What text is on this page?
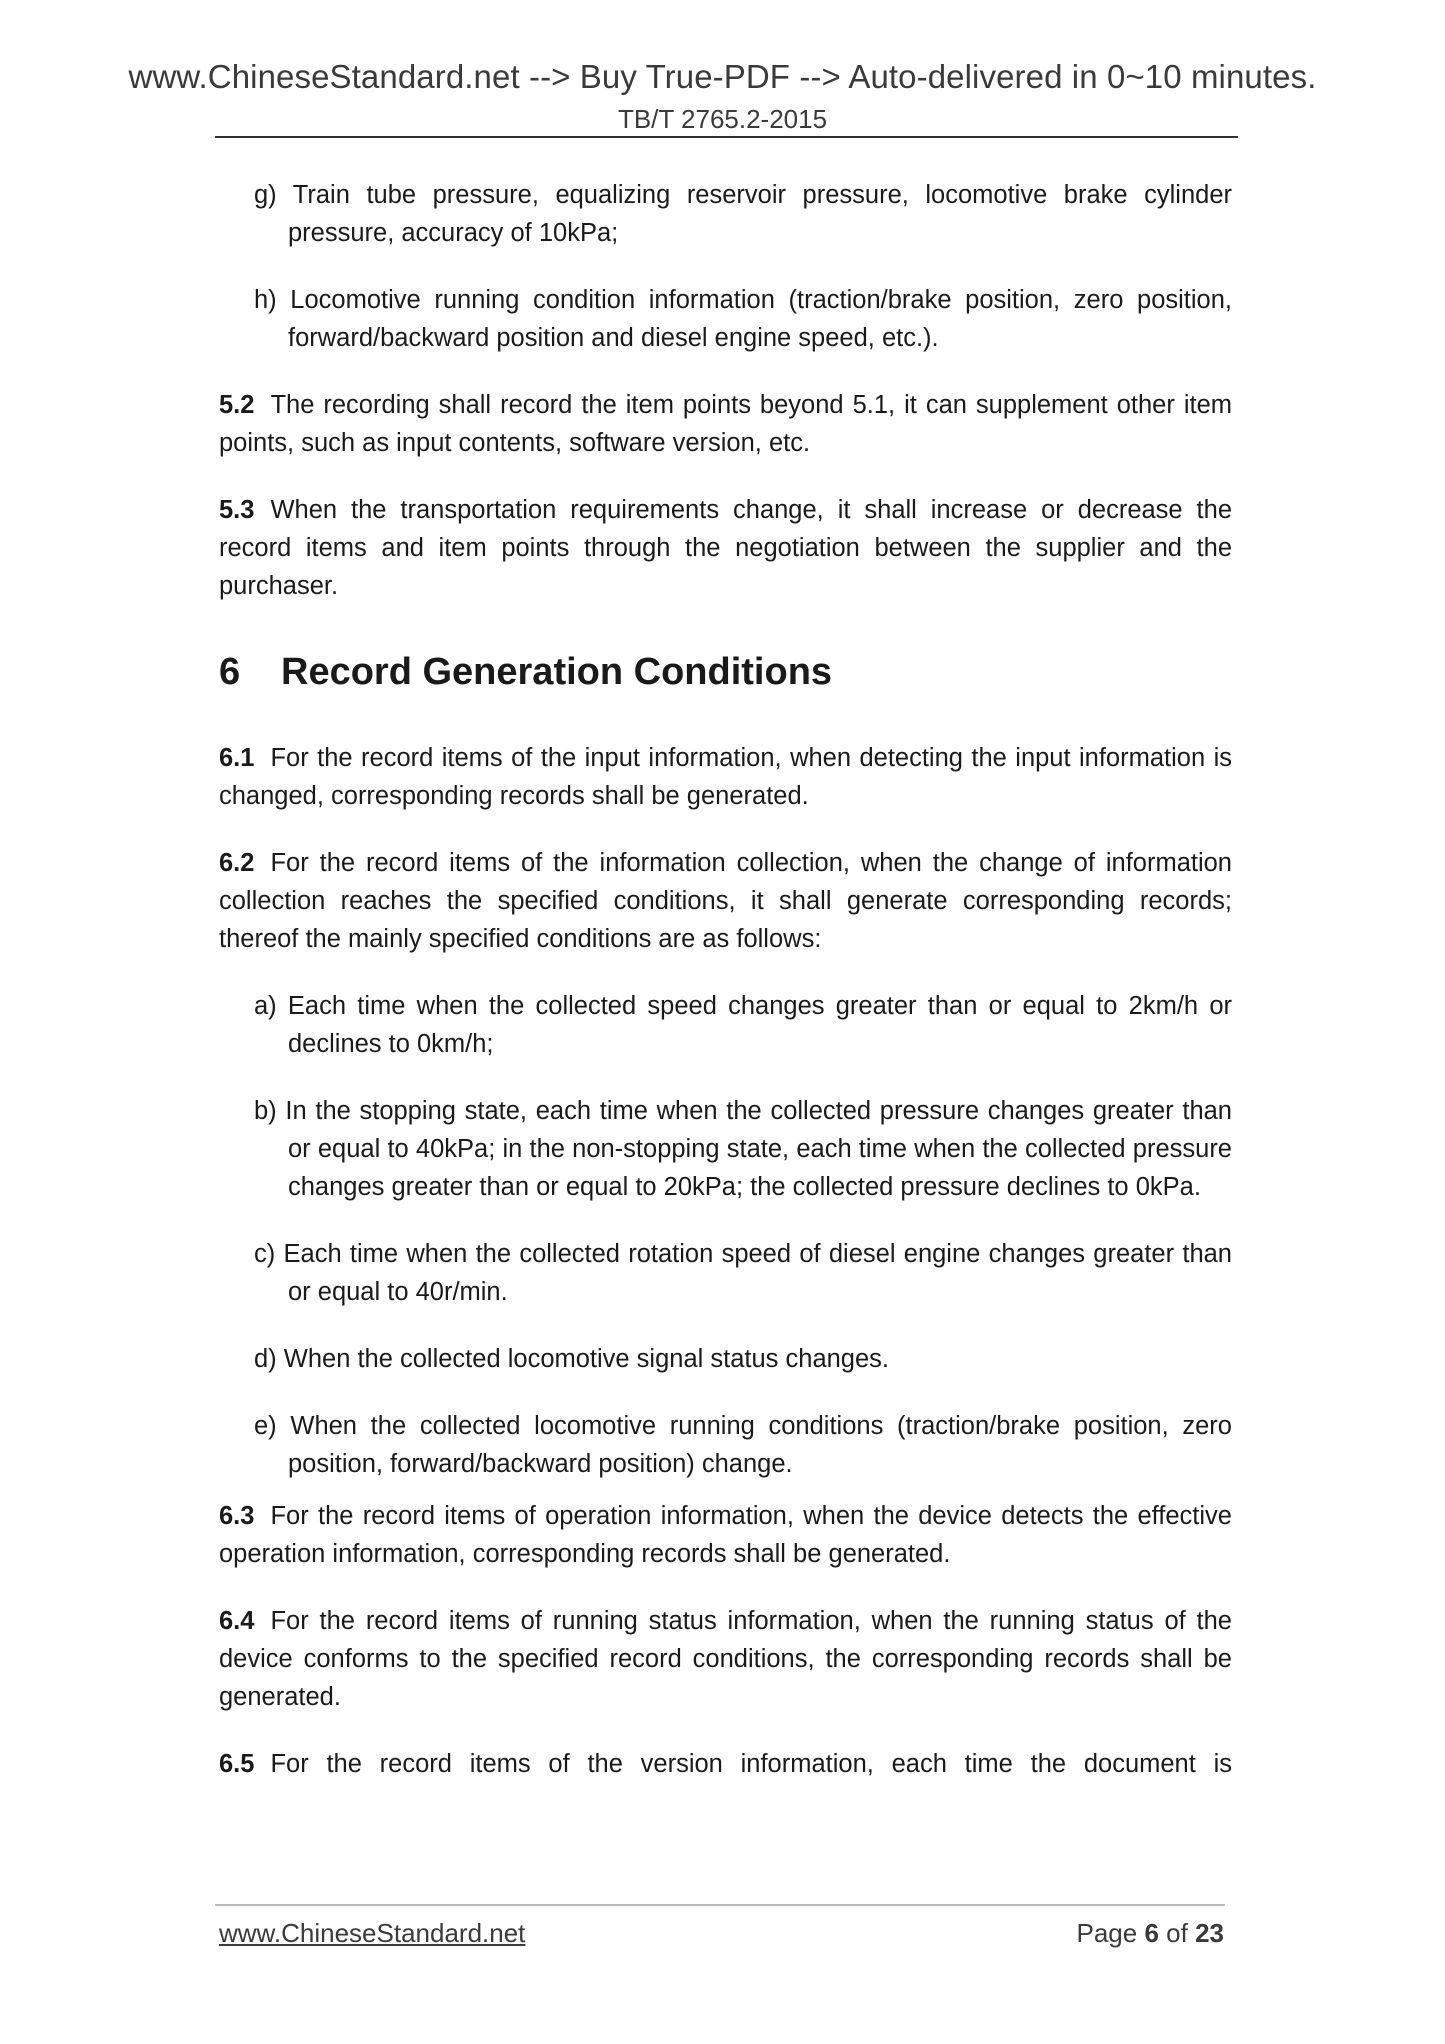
www.ChineseStandard.net --> Buy True-PDF --> Auto-delivered in 0~10 minutes.
TB/T 2765.2-2015

g) Train tube pressure, equalizing reservoir pressure, locomotive brake cylinder pressure, accuracy of 10kPa;

h) Locomotive running condition information (traction/brake position, zero position, forward/backward position and diesel engine speed, etc.).

5.2 The recording shall record the item points beyond 5.1, it can supplement other item points, such as input contents, software version, etc.

5.3 When the transportation requirements change, it shall increase or decrease the record items and item points through the negotiation between the supplier and the purchaser.

6 Record Generation Conditions

6.1 For the record items of the input information, when detecting the input information is changed, corresponding records shall be generated.

6.2 For the record items of the information collection, when the change of information collection reaches the specified conditions, it shall generate corresponding records; thereof the mainly specified conditions are as follows:

a) Each time when the collected speed changes greater than or equal to 2km/h or declines to 0km/h;

b) In the stopping state, each time when the collected pressure changes greater than or equal to 40kPa; in the non-stopping state, each time when the collected pressure changes greater than or equal to 20kPa; the collected pressure declines to 0kPa.

c) Each time when the collected rotation speed of diesel engine changes greater than or equal to 40r/min.

d) When the collected locomotive signal status changes.

e) When the collected locomotive running conditions (traction/brake position, zero position, forward/backward position) change.

6.3 For the record items of operation information, when the device detects the effective operation information, corresponding records shall be generated.

6.4 For the record items of running status information, when the running status of the device conforms to the specified record conditions, the corresponding records shall be generated.

6.5 For the record items of the version information, each time the document is

www.ChineseStandard.net	Page 6 of 23
